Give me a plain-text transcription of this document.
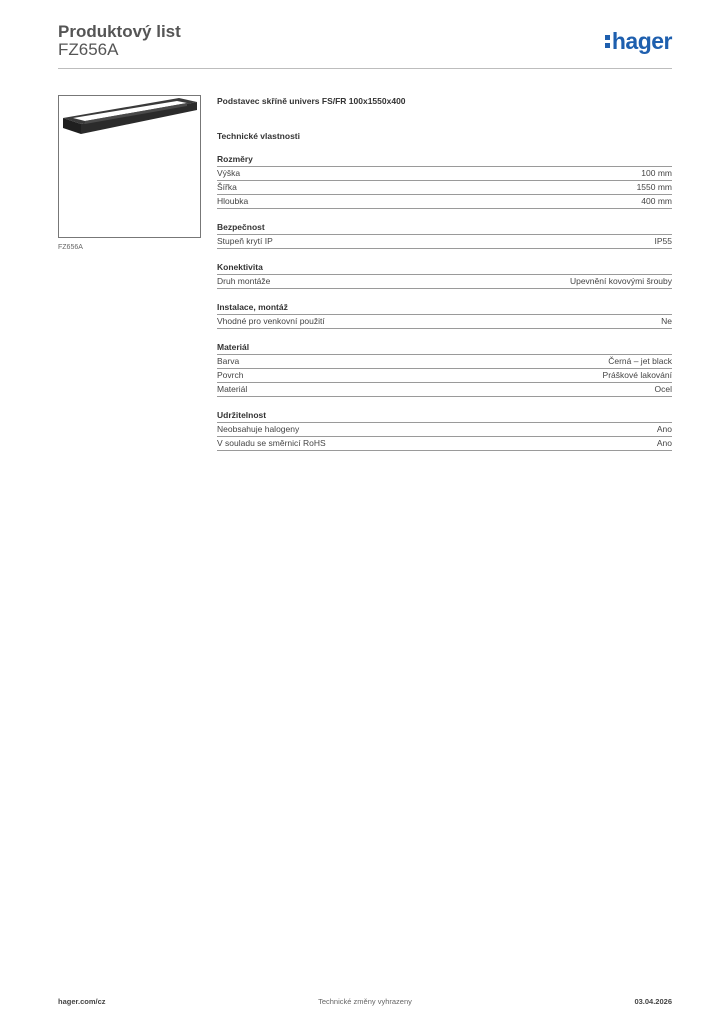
Produktový list
FZ656A	hager
FZ656A
Podstavec skříně univers FS/FR 100x1550x400
Technické vlastnosti
Rozměry
Výška	100 mm
Šířka	1550 mm
Hloubka	400 mm
Bezpečnost
Stupeň krytí IP	IP55
Konektivita
Druh montáže	Upevnění kovovými šrouby
Instalace, montáž
Vhodné pro venkovní použití	Ne
Materiál
Barva	Černá – jet black
Povrch	Práškové lakování
Materiál	Ocel
Udržitelnost
Neobsahuje halogeny	Ano
V souladu se směrnicí RoHS	Ano
hager.com/cz	Technické změny vyhrazeny	03.04.2026
